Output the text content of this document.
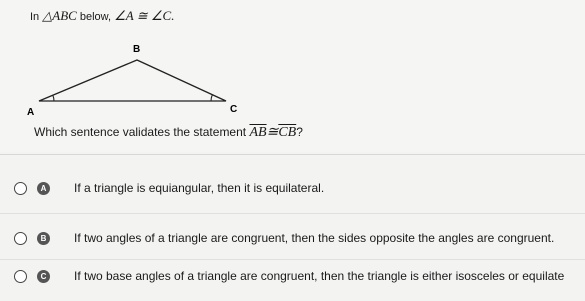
In △ABC below, ∠A ≅ ∠C.
B
A	C
Which sentence validates the statement $\overline{AB}≅\overline{CB}$?
A	If a triangle is equiangular, then it is equilateral.
B	If two angles of a triangle are congruent, then the sides opposite the angles are congruent.
C	If two base angles of a triangle are congruent, then the triangle is either isosceles or equilate
